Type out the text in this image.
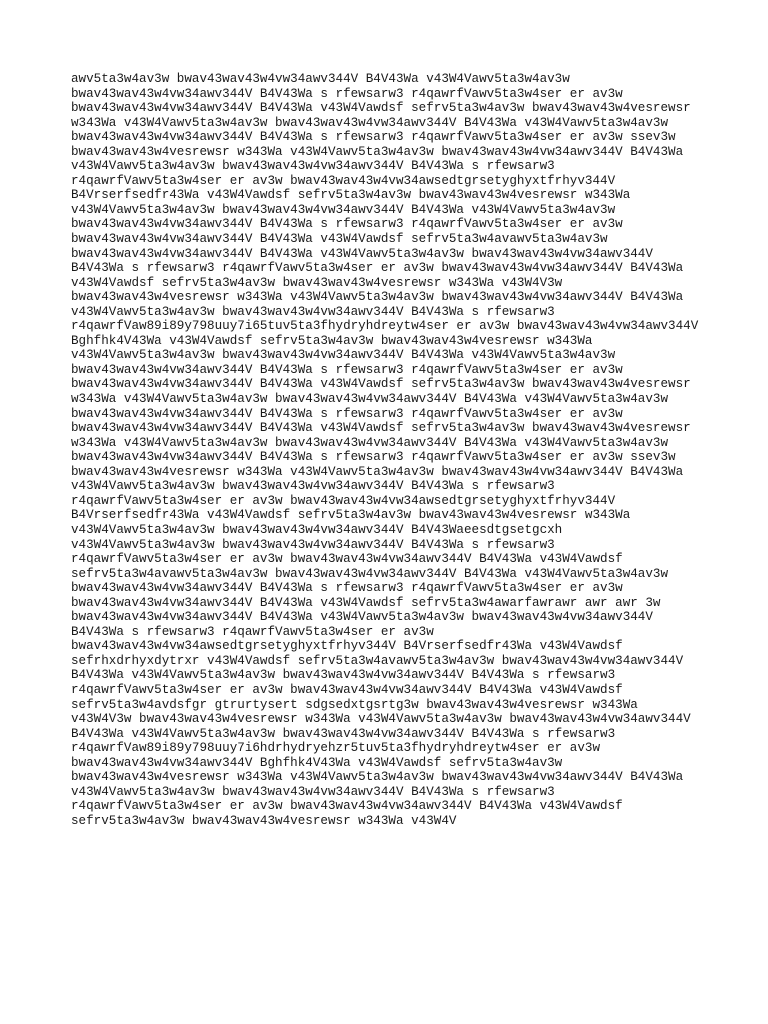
awv5ta3w4av3w bwav43wav43w4vw34awv344V B4V43Wa v43W4Vawv5ta3w4av3w
bwav43wav43w4vw34awv344V B4V43Wa s rfewsarw3 r4qawrfVawv5ta3w4ser er av3w
bwav43wav43w4vw34awv344V B4V43Wa v43W4Vawdsf sefrv5ta3w4av3w bwav43wav43w4vesrewsr
w343Wa v43W4Vawv5ta3w4av3w bwav43wav43w4vw34awv344V B4V43Wa v43W4Vawv5ta3w4av3w
bwav43wav43w4vw34awv344V B4V43Wa s rfewsarw3 r4qawrfVawv5ta3w4ser er av3w ssev3w
bwav43wav43w4vesrewsr w343Wa v43W4Vawv5ta3w4av3w bwav43wav43w4vw34awv344V B4V43Wa
v43W4Vawv5ta3w4av3w bwav43wav43w4vw34awv344V B4V43Wa s rfewsarw3
r4qawrfVawv5ta3w4ser er av3w bwav43wav43w4vw34awsedtgrsetyghyxtfrhyv344V
B4Vrserfsedfr43Wa v43W4Vawdsf sefrv5ta3w4av3w bwav43wav43w4vesrewsr w343Wa
v43W4Vawv5ta3w4av3w bwav43wav43w4vw34awv344V B4V43Wa v43W4Vawv5ta3w4av3w
bwav43wav43w4vw34awv344V B4V43Wa s rfewsarw3 r4qawrfVawv5ta3w4ser er av3w
bwav43wav43w4vw34awv344V B4V43Wa v43W4Vawdsf sefrv5ta3w4avawv5ta3w4av3w
bwav43wav43w4vw34awv344V B4V43Wa v43W4Vawv5ta3w4av3w bwav43wav43w4vw34awv344V
B4V43Wa s rfewsarw3 r4qawrfVawv5ta3w4ser er av3w bwav43wav43w4vw34awv344V B4V43Wa
v43W4Vawdsf sefrv5ta3w4av3w bwav43wav43w4vesrewsr w343Wa v43W4V3w
bwav43wav43w4vesrewsr w343Wa v43W4Vawv5ta3w4av3w bwav43wav43w4vw34awv344V B4V43Wa
v43W4Vawv5ta3w4av3w bwav43wav43w4vw34awv344V B4V43Wa s rfewsarw3
r4qawrfVaw89i89y798uuy7i65tuv5ta3fhydryhdreytw4ser er av3w bwav43wav43w4vw34awv344V
Bghfhk4V43Wa v43W4Vawdsf sefrv5ta3w4av3w bwav43wav43w4vesrewsr w343Wa
v43W4Vawv5ta3w4av3w bwav43wav43w4vw34awv344V B4V43Wa v43W4Vawv5ta3w4av3w
bwav43wav43w4vw34awv344V B4V43Wa s rfewsarw3 r4qawrfVawv5ta3w4ser er av3w
bwav43wav43w4vw34awv344V B4V43Wa v43W4Vawdsf sefrv5ta3w4av3w bwav43wav43w4vesrewsr
w343Wa v43W4Vawv5ta3w4av3w bwav43wav43w4vw34awv344V B4V43Wa v43W4Vawv5ta3w4av3w
bwav43wav43w4vw34awv344V B4V43Wa s rfewsarw3 r4qawrfVawv5ta3w4ser er av3w
bwav43wav43w4vw34awv344V B4V43Wa v43W4Vawdsf sefrv5ta3w4av3w bwav43wav43w4vesrewsr
w343Wa v43W4Vawv5ta3w4av3w bwav43wav43w4vw34awv344V B4V43Wa v43W4Vawv5ta3w4av3w
bwav43wav43w4vw34awv344V B4V43Wa s rfewsarw3 r4qawrfVawv5ta3w4ser er av3w ssev3w
bwav43wav43w4vesrewsr w343Wa v43W4Vawv5ta3w4av3w bwav43wav43w4vw34awv344V B4V43Wa
v43W4Vawv5ta3w4av3w bwav43wav43w4vw34awv344V B4V43Wa s rfewsarw3
r4qawrfVawv5ta3w4ser er av3w bwav43wav43w4vw34awsedtgrsetyghyxtfrhyv344V
B4Vrserfsedfr43Wa v43W4Vawdsf sefrv5ta3w4av3w bwav43wav43w4vesrewsr w343Wa
v43W4Vawv5ta3w4av3w bwav43wav43w4vw34awv344V B4V43Waeesdtgsetgcxh
v43W4Vawv5ta3w4av3w bwav43wav43w4vw34awv344V B4V43Wa s rfewsarw3
r4qawrfVawv5ta3w4ser er av3w bwav43wav43w4vw34awv344V B4V43Wa v43W4Vawdsf
sefrv5ta3w4avawv5ta3w4av3w bwav43wav43w4vw34awv344V B4V43Wa v43W4Vawv5ta3w4av3w
bwav43wav43w4vw34awv344V B4V43Wa s rfewsarw3 r4qawrfVawv5ta3w4ser er av3w
bwav43wav43w4vw34awv344V B4V43Wa v43W4Vawdsf sefrv5ta3w4awarfawrawr awr awr 3w
bwav43wav43w4vw34awv344V B4V43Wa v43W4Vawv5ta3w4av3w bwav43wav43w4vw34awv344V
B4V43Wa s rfewsarw3 r4qawrfVawv5ta3w4ser er av3w
bwav43wav43w4vw34awsedtgrsetyghyxtfrhyv344V B4Vrserfsedfr43Wa v43W4Vawdsf
sefrhxdrhyxdytrxr v43W4Vawdsf sefrv5ta3w4avawv5ta3w4av3w bwav43wav43w4vw34awv344V
B4V43Wa v43W4Vawv5ta3w4av3w bwav43wav43w4vw34awv344V B4V43Wa s rfewsarw3
r4qawrfVawv5ta3w4ser er av3w bwav43wav43w4vw34awv344V B4V43Wa v43W4Vawdsf
sefrv5ta3w4avdsfgr gtrurtysert sdgsedxtgsrtg3w bwav43wav43w4vesrewsr w343Wa
v43W4V3w bwav43wav43w4vesrewsr w343Wa v43W4Vawv5ta3w4av3w bwav43wav43w4vw34awv344V
B4V43Wa v43W4Vawv5ta3w4av3w bwav43wav43w4vw34awv344V B4V43Wa s rfewsarw3
r4qawrfVaw89i89y798uuy7i6hdrhydryehzr5tuv5ta3fhydryhdreytw4ser er av3w
bwav43wav43w4vw34awv344V Bghfhk4V43Wa v43W4Vawdsf sefrv5ta3w4av3w
bwav43wav43w4vesrewsr w343Wa v43W4Vawv5ta3w4av3w bwav43wav43w4vw34awv344V B4V43Wa
v43W4Vawv5ta3w4av3w bwav43wav43w4vw34awv344V B4V43Wa s rfewsarw3
r4qawrfVawv5ta3w4ser er av3w bwav43wav43w4vw34awv344V B4V43Wa v43W4Vawdsf
sefrv5ta3w4av3w bwav43wav43w4vesrewsr w343Wa v43W4V
